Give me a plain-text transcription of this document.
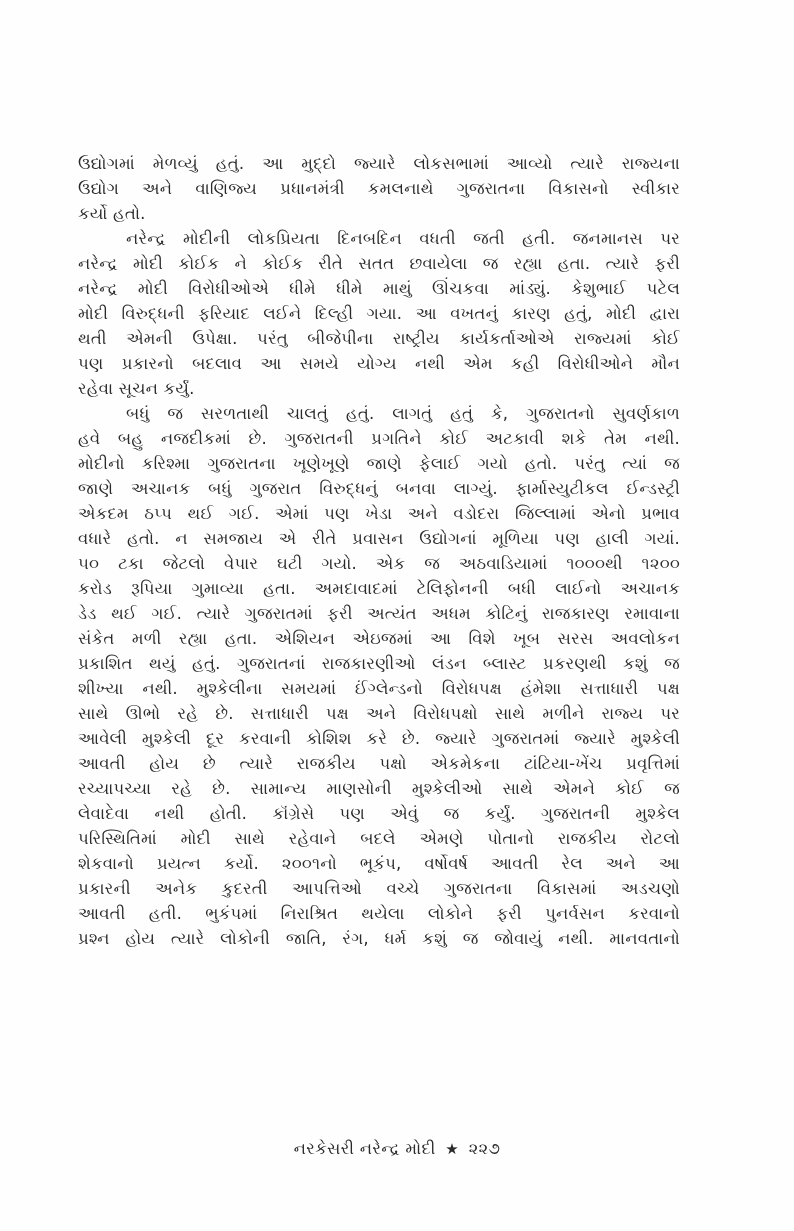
ઉદ્યોગમાં મેળવ્યું હતું. આ મુદ્દો જ્યારે લોકસભામાં આવ્યો ત્યારે રાજ્યના
ઉદ્યોગ અને વાણિજ્ય પ્રધાનમંત્રી કમલનાથે ગુજરાતના વિકાસનો સ્વીકાર
કર્યો હતો.
નરેન્દ્ર મોદીની લોકપ્રિયતા દિનબદિન વધતી જતી હતી. જનમાનસ પર
નરેન્દ્ર મોદી કોઈક ને કોઈક રીતે સતત છવાયેલા જ રહ્યા હતા. ત્યારે ફરી
નરેન્દ્ર મોદી વિરોધીઓએ ધીમે ધીમે માથું ઊંચકવા માંડ્યું. કેશુભાઈ પટેલ
મોદી વિરુદ્ધની ફરિયાદ લઈને દિલ્હી ગયા. આ વખતનું કારણ હતું, મોદી દ્વારા
થતી એમની ઉપેક્ષા. પરંતુ બીજેપીના રાષ્ટ્રીય કાર્યકર્તાઓએ રાજ્યમાં કોઈ
પણ પ્રકારનો બદલાવ આ સમયે યોગ્ય નથી એમ કહી વિરોધીઓને મૌન
રહેવા સૂચન કર્યું.
બધું જ સરળતાથી ચાલતું હતું. લાગતું હતું કે, ગુજરાતનો સુવર્ણકાળ
હવે બહુ નજદીકમાં છે. ગુજરાતની પ્રગતિને કોઈ અટકાવી શકે તેમ નથી.
મોદીનો કરિશ્મા ગુજરાતના ખૂણેખૂણે જાણે ફેલાઈ ગયો હતો. પરંતુ ત્યાં જ
જાણે અચાનક બધું ગુજરાત વિરુદ્ધનું બનવા લાગ્યું. ફાર્માસ્યુટીકલ ઈન્ડસ્ટ્રી
એકદમ ઠપ્પ થઈ ગઈ. એમાં પણ ખેડા અને વડોદરા જિલ્લામાં એનો પ્રભાવ
વધારે હતો. ન સમજાય એ રીતે પ્રવાસન ઉદ્યોગનાં મૂળિયા પણ હાલી ગયાં.
૫૦ ટકા જેટલો વેપાર ઘટી ગયો. એક જ અઠવાડિયામાં ૧૦૦૦થી ૧૨૦૦
કરોડ રૂપિયા ગુમાવ્યા હતા. અમદાવાદમાં ટેલિફોનની બધી લાઈનો અચાનક
ડેડ થઈ ગઈ. ત્યારે ગુજરાતમાં ફરી અત્યંત અધમ કોટિનું રાજકારણ રમાવાના
સંકેત મળી રહ્યા હતા. એશિયન એઇજમાં આ વિશે ખૂબ સરસ અવલોકન
પ્રકાશિત થયું હતું. ગુજરાતનાં રાજકારણીઓ લંડન બ્લાસ્ટ પ્રકરણથી કશું જ
શીખ્યા નથી. મુશ્કેલીના સમયમાં ઈંગ્લેન્ડનો વિરોધપક્ષ હંમેશા સત્તાધારી પક્ષ
સાથે ઊભો રહે છે. સત્તાધારી પક્ષ અને વિરોધપક્ષો સાથે મળીને રાજ્ય પર
આવેલી મુશ્કેલી દૂર કરવાની કોશિશ કરે છે. જ્યારે ગુજરાતમાં જ્યારે મુશ્કેલી
આવતી હોય છે ત્યારે રાજકીય પક્ષો એકમેકના ટાંટિયા-ખેંચ પ્રવૃત્તિમાં
રચ્યાપચ્યા રહે છે. સામાન્ય માણસોની મુશ્કેલીઓ સાથે એમને કોઈ જ
લેવાદેવા નથી હોતી. કૉંગ્રેસે પણ એવું જ કર્યું. ગુજરાતની મુશ્કેલ
પરિસ્થિતિમાં મોદી સાથે રહેવાને બદલે એમણે પોતાનો રાજકીય રોટલો
શેકવાનો પ્રયત્ન કર્યો. ૨૦૦૧નો ભૂકંપ, વર્ષોવર્ષ આવતી રેલ અને આ
પ્રકારની અનેક કુદરતી આપત્તિઓ વચ્ચે ગુજરાતના વિકાસમાં અડચણો
આવતી હતી. ભુકંપમાં નિરાશ્રિત થયેલા લોકોને ફરી પુનર્વસન કરવાનો
પ્રશ્ન હોય ત્યારે લોકોની જાતિ, રંગ, ધર્મ કશું જ જોવાયું નથી. માનવતાનો
નરકેસરી નરેન્દ્ર મોદી ★ ૨૨૭
